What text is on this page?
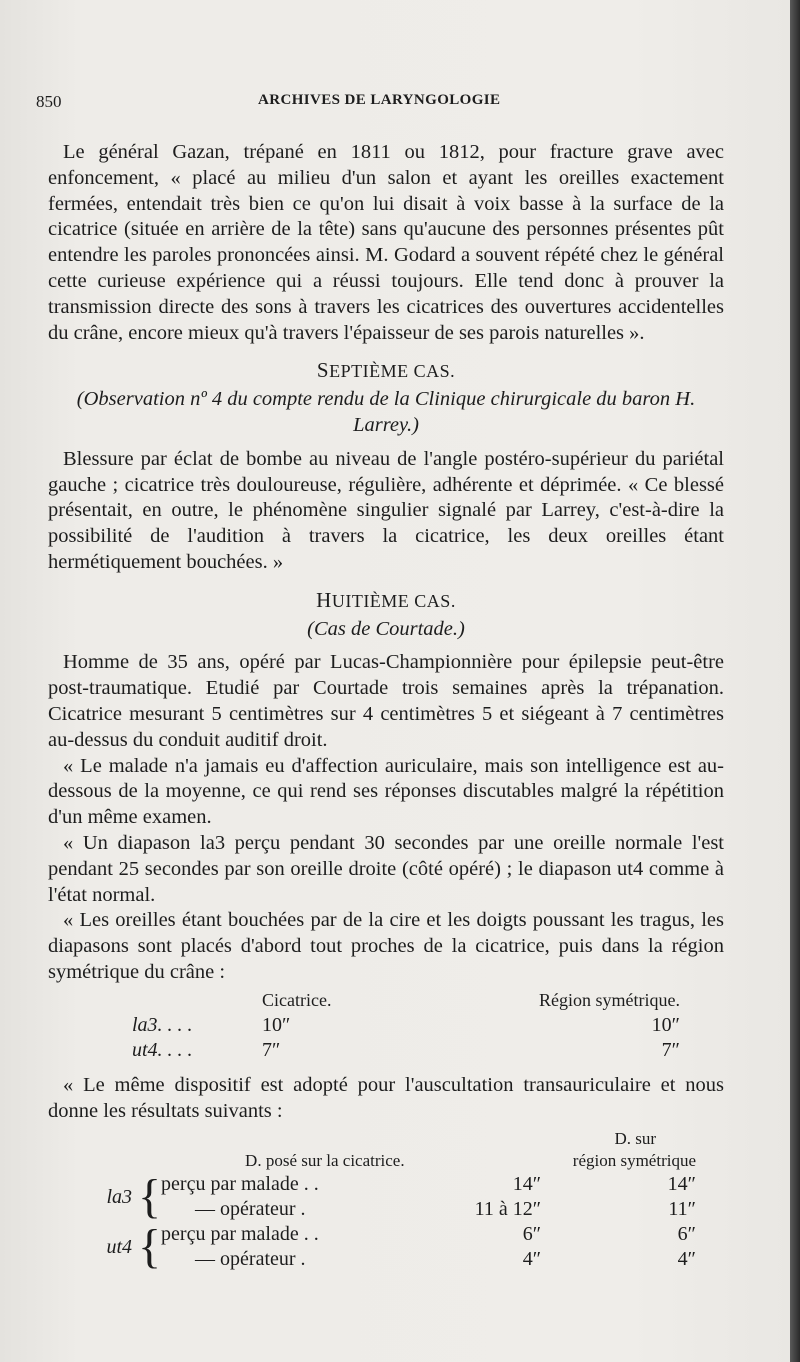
850	ARCHIVES DE LARYNGOLOGIE

Le général Gazan, trépané en 1811 ou 1812, pour fracture grave avec enfoncement, « placé au milieu d'un salon et ayant les oreilles exactement fermées, entendait très bien ce qu'on lui disait à voix basse à la surface de la cicatrice (située en arrière de la tête) sans qu'aucune des personnes présentes pût entendre les paroles prononcées ainsi. M. Godard a souvent répété chez le général cette curieuse expérience qui a réussi toujours. Elle tend donc à prouver la transmission directe des sons à travers les cicatrices des ouvertures accidentelles du crâne, encore mieux qu'à travers l'épaisseur de ses parois naturelles ».

SEPTIÈME CAS.

(Observation nº 4 du compte rendu de la Clinique chirurgicale du baron H. Larrey.)

Blessure par éclat de bombe au niveau de l'angle postéro-supérieur du pariétal gauche ; cicatrice très douloureuse, régulière, adhérente et déprimée. « Ce blessé présentait, en outre, le phénomène singulier signalé par Larrey, c'est-à-dire la possibilité de l'audition à travers la cicatrice, les deux oreilles étant hermétiquement bouchées. »

HUITIÈME CAS.

(Cas de Courtade.)

Homme de 35 ans, opéré par Lucas-Championnière pour épilepsie peut-être post-traumatique. Etudié par Courtade trois semaines après la trépanation. Cicatrice mesurant 5 centimètres sur 4 centimètres 5 et siégeant à 7 centimètres au-dessus du conduit auditif droit.

« Le malade n'a jamais eu d'affection auriculaire, mais son intelligence est au-dessous de la moyenne, ce qui rend ses réponses discutables malgré la répétition d'un même examen.

« Un diapason la3 perçu pendant 30 secondes par une oreille normale l'est pendant 25 secondes par son oreille droite (côté opéré) ; le diapason ut4 comme à l'état normal.

« Les oreilles étant bouchées par de la cire et les doigts poussant les tragus, les diapasons sont placés d'abord tout proches de la cicatrice, puis dans la région symétrique du crâne :

	Cicatrice.	Région symétrique.
la3. . . .	10″	10″
ut4. . . .	7″	7″

« Le même dispositif est adopté pour l'auscultation transauriculaire et nous donne les résultats suivants :

		D. posé sur la cicatrice.		D. sur
région symétrique

la3	{	perçu par malade . .	14″	14″

		— opérateur .	11 à 12″	11″
ut4	{	perçu par malade . .	6″	6″

		— opérateur .	4″	4″
